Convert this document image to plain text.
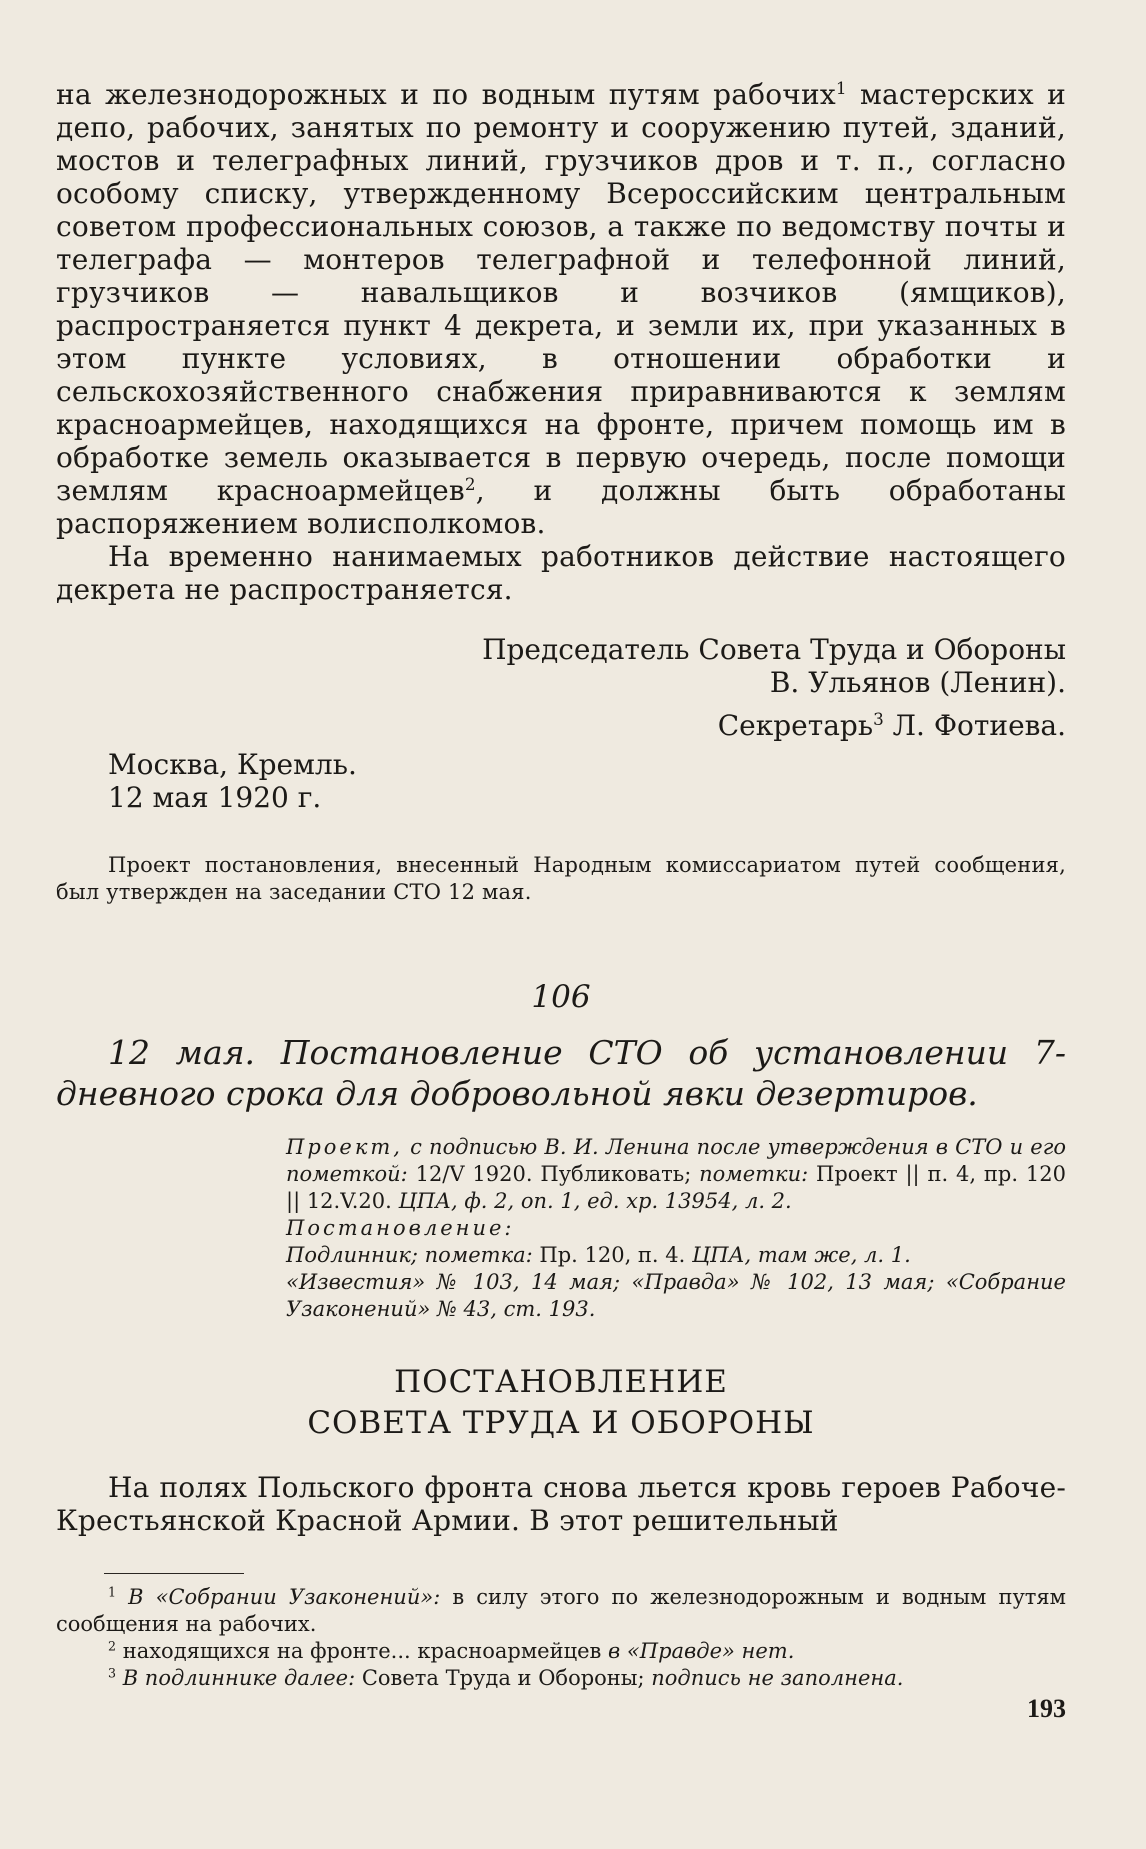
на железнодорожных и по водным путям рабочих$^1$ мастерских и депо, рабочих, занятых по ремонту и сооружению путей, зданий, мостов и телеграфных линий, грузчиков дров и т. п., согласно особому списку, утвержденному Всероссийским центральным советом профессиональных союзов, а также по ведомству почты и телеграфа — монтеров телеграфной и телефонной линий, грузчиков — навальщиков и возчиков (ямщиков), распространяется пункт 4 декрета, и земли их, при указанных в этом пункте условиях, в отношении обработки и сельскохозяйственного снабжения приравниваются к землям красноармейцев, находящихся на фронте, причем помощь им в обработке земель оказывается в первую очередь, после помощи землям красноармейцев$^2$, и должны быть обработаны распоряжением волисполкомов.

На временно нанимаемых работников действие настоящего декрета не распространяется.

Председатель Совета Труда и Обороны

В. Ульянов (Ленин).

Секретарь$^3$ Л. Фотиева.

Москва, Кремль.

12 мая 1920 г.

Проект постановления, внесенный Народным комиссариатом путей сообщения, был утвержден на заседании СТО 12 мая.

106

12 мая. Постановление СТО об установлении 7-дневного срока для добровольной явки дезертиров.

Проект, с подписью В. И. Ленина после утверждения в СТО и его пометкой: 12/V 1920. Публиковать; пометки: Проект || п. 4, пр. 120 || 12.V.20. ЦПА, ф. 2, оп. 1, ед. хр. 13954, л. 2.
Постановление:
Подлинник; пометка: Пр. 120, п. 4. ЦПА, там же, л. 1.
«Известия» № 103, 14 мая; «Правда» № 102, 13 мая; «Собрание Узаконений» № 43, ст. 193.

ПОСТАНОВЛЕНИЕ

СОВЕТА ТРУДА И ОБОРОНЫ

На полях Польского фронта снова льется кровь героев Рабоче-Крестьянской Красной Армии. В этот решительный

$^1$ В «Собрании Узаконений»: в силу этого по железнодорожным и водным путям сообщения на рабочих.

$^2$ находящихся на фронте... красноармейцев в «Правде» нет.

$^3$ В подлиннике далее: Совета Труда и Обороны; подпись не заполнена.

193
